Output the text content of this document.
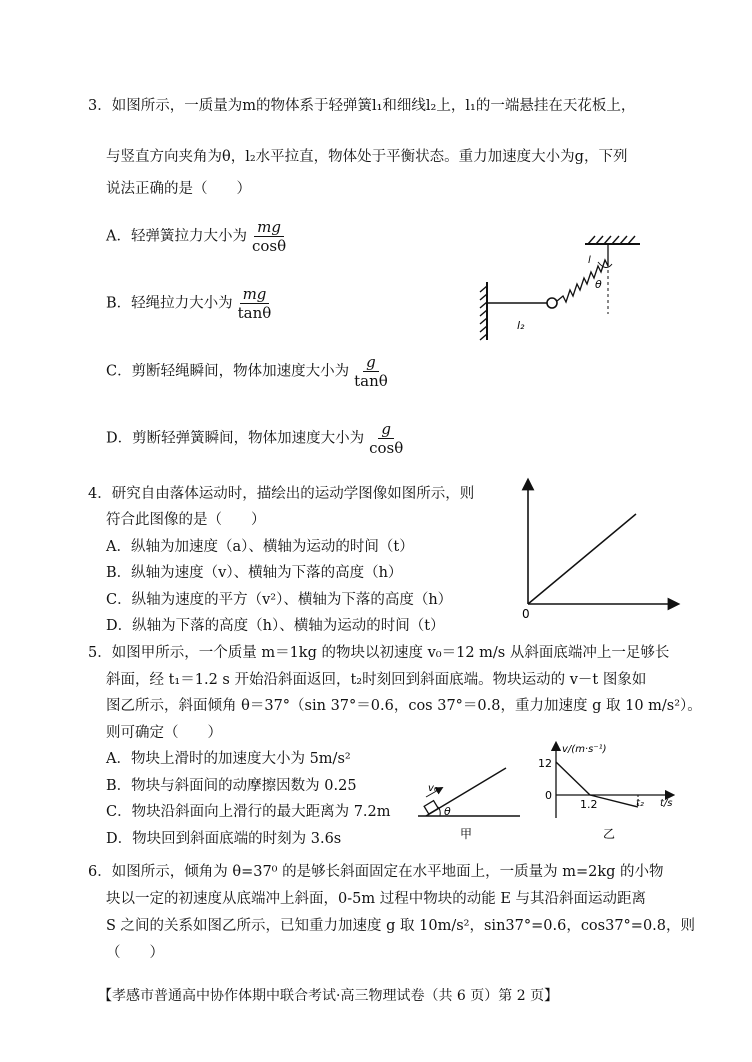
3．如图所示，一质量为m的物体系于轻弹簧l₁和细线l₂上，l₁的一端悬挂在天花板上，
与竖直方向夹角为θ，l₂水平拉直，物体处于平衡状态。重力加速度大小为g，下列
说法正确的是（　　）
A．轻弹簧拉力大小为 $\frac{mg}{\cos\theta}$
B．轻绳拉力大小为 $\frac{mg}{\tan\theta}$
C．剪断轻绳瞬间，物体加速度大小为 $\frac{g}{\tan\theta}$
D．剪断轻弹簧瞬间，物体加速度大小为 $\frac{g}{\cos\theta}$
l
θ
l₂
4．研究自由落体运动时，描绘出的运动学图像如图所示，则
符合此图像的是（　　）
A．纵轴为加速度（a）、横轴为运动的时间（t）
B．纵轴为速度（v）、横轴为下落的高度（h）
C．纵轴为速度的平方（v²）、横轴为下落的高度（h）
D．纵轴为下落的高度（h）、横轴为运动的时间（t）
0
5．如图甲所示，一个质量 m＝1kg 的物块以初速度 v₀＝12 m/s 从斜面底端冲上一足够长
斜面，经 t₁＝1.2 s 开始沿斜面返回，t₂时刻回到斜面底端。物块运动的 v－t 图象如
图乙所示，斜面倾角 θ＝37°（sin 37°＝0.6，cos 37°＝0.8，重力加速度 g 取 10 m/s²）。
则可确定（　　）
A．物块上滑时的加速度大小为 5m/s²
B．物块与斜面间的动摩擦因数为 0.25
C．物块沿斜面向上滑行的最大距离为 7.2m
D．物块回到斜面底端的时刻为 3.6s
v₀
θ
甲
v/(m·s⁻¹)
12
0
1.2	t₂ t/s
乙
6．如图所示，倾角为 θ=37⁰ 的是够长斜面固定在水平地面上，一质量为 m=2kg 的小物
块以一定的初速度从底端冲上斜面，0-5m 过程中物块的动能 E 与其沿斜面运动距离
S 之间的关系如图乙所示，已知重力加速度 g 取 10m/s²，sin37°=0.6，cos37°=0.8，则
（　　）
【孝感市普通高中协作体期中联合考试·高三物理试卷（共 6 页）第 2 页】
